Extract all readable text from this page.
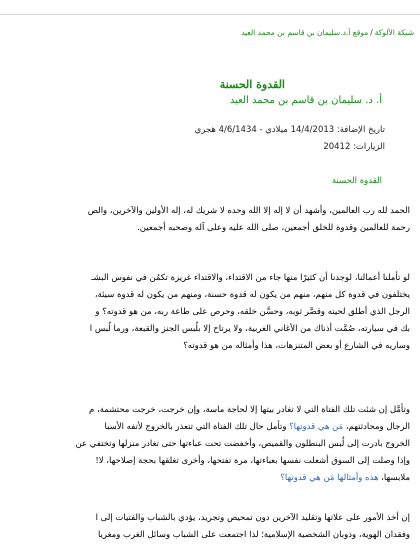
شبكة الألوكة/موقع أ.د.سليمان بن قاسم بن محمد العيد
القدوة الحسنة
أ. د. سليمان بن قاسم بن محمد العيد
تاريخ الإضافة: 14/4/2013 ميلادي - 4/6/1434 هجري
الزيارات: 20412
القدوة الحسنة
الحمد لله رب العالمين، وأشهد أن لا إله إلا الله وحده لا شريك له، إله الأولين والآخرين، والص
رحمة للعالمين وقدوة للخلق أجمعين، صلى الله عليه وعلى آله وصحبه أجمعين.
لو تأملنا أعمالنا، لوجدنا أن كثيرًا منها جاء من الاقتداء، والاقتداء غريزة تكمُن في نفوس البشـ
يختلفون في قدوة كل منهم، منهم من يكون له قدوة حسنة، ومنهم من يكون له قدوة سيئة،
الرجل الذي أطلق لحيته وقصَّر ثوبه، وحسَّن خلقه، وحرص على طاعة ربه، من هو قدوته؟ و
بك في سيارته، صُمَّت أذناك من الأغاني الغربية، ولا يرتاح إلا بلُبس الجنز والقبعة، ورما لُبس ا
وساريه في الشارع أو بعض المتنزهات، هذا وأمثاله من هو قدوته؟
وتأمَّل إن شئت تلك الفتاة التي لا تغادر بيتها إلا لحاجة ماسة، وإن خرجت، خرجت محتشمة، م
الرجال ومحادثتهم، مَن هي قدوتها؟ وتأمل حال تلك الفتاة التي تتعذر بالخروج لأتفه الأسبا
الخروج بادرت إلى لُبس البنطلون والقميص، وأخفضت تحت عباءتها حتى تغادر منزلها وتختفي عن
وإذا وصلت إلى السوق أشعلت نفسها بعباءتها، مرة تفتحها، وأخرى تغلقها بحجة إصلاحها، لا!
ملابسها، هذه وأمثالها مَن هي قدوتها؟
إن أخذ الأمور على علاتها وتقليد الآخرين دون تمحيص وتجريد، يؤدي بالشباب والفتيات إلى ا
وفقدان الهوية، وذوبان الشخصية الإسلامية؛ لذا اجتمعت على الشباب وسائل الغرب ومغريا
